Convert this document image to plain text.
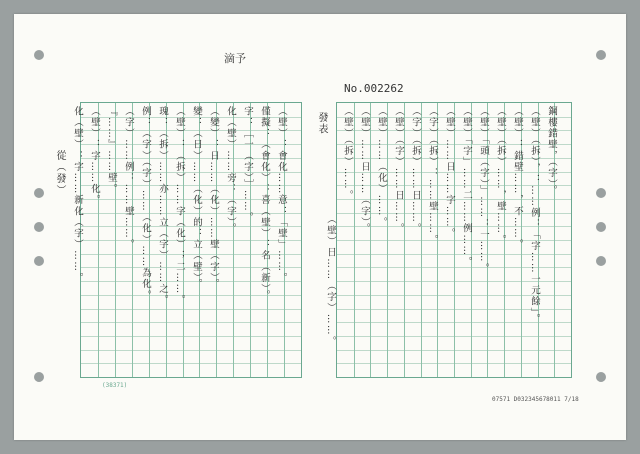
滴予
No.002262
（壁）：㑹化……意：「壁」……。
僅擬：（㑹化）：喜（壁）：名（新）。
字：［一（字）］……。
化（壁）……旁：（字）。
（變）：日……（化）……壁（字）。
變：（日）……（化）的：立（壁）。
（壁）：（拆）……字（化）；二……。
瑰：（拆）……亦……立（字）……之。
例：（字）（字）……（化）……為化。
（字）……例：……壁……。
『……』……壁。
（壁）：字……化。
化（壁）：字……新化（字）……。	鋼樓錯壁，（字）。
（壁）（拆），：……例：「字……一元餘」。
（壁）：錯壁……，不……。
（壁）（拆）……，壁……。
（壁）「頭（字）」……：一……。
（壁）「字」……二……例……。
（壁）……日……字……。
（字）（拆）：……壁……。
（字）（拆）……日……。
（壁）（字）……日……。
（壁）……（化）……。
（壁）……日……（字）。
（壁）（拆）……。
（壁）日……（字）……。
發表
從（發）
(38371)
07571 D032345678011 7/18
